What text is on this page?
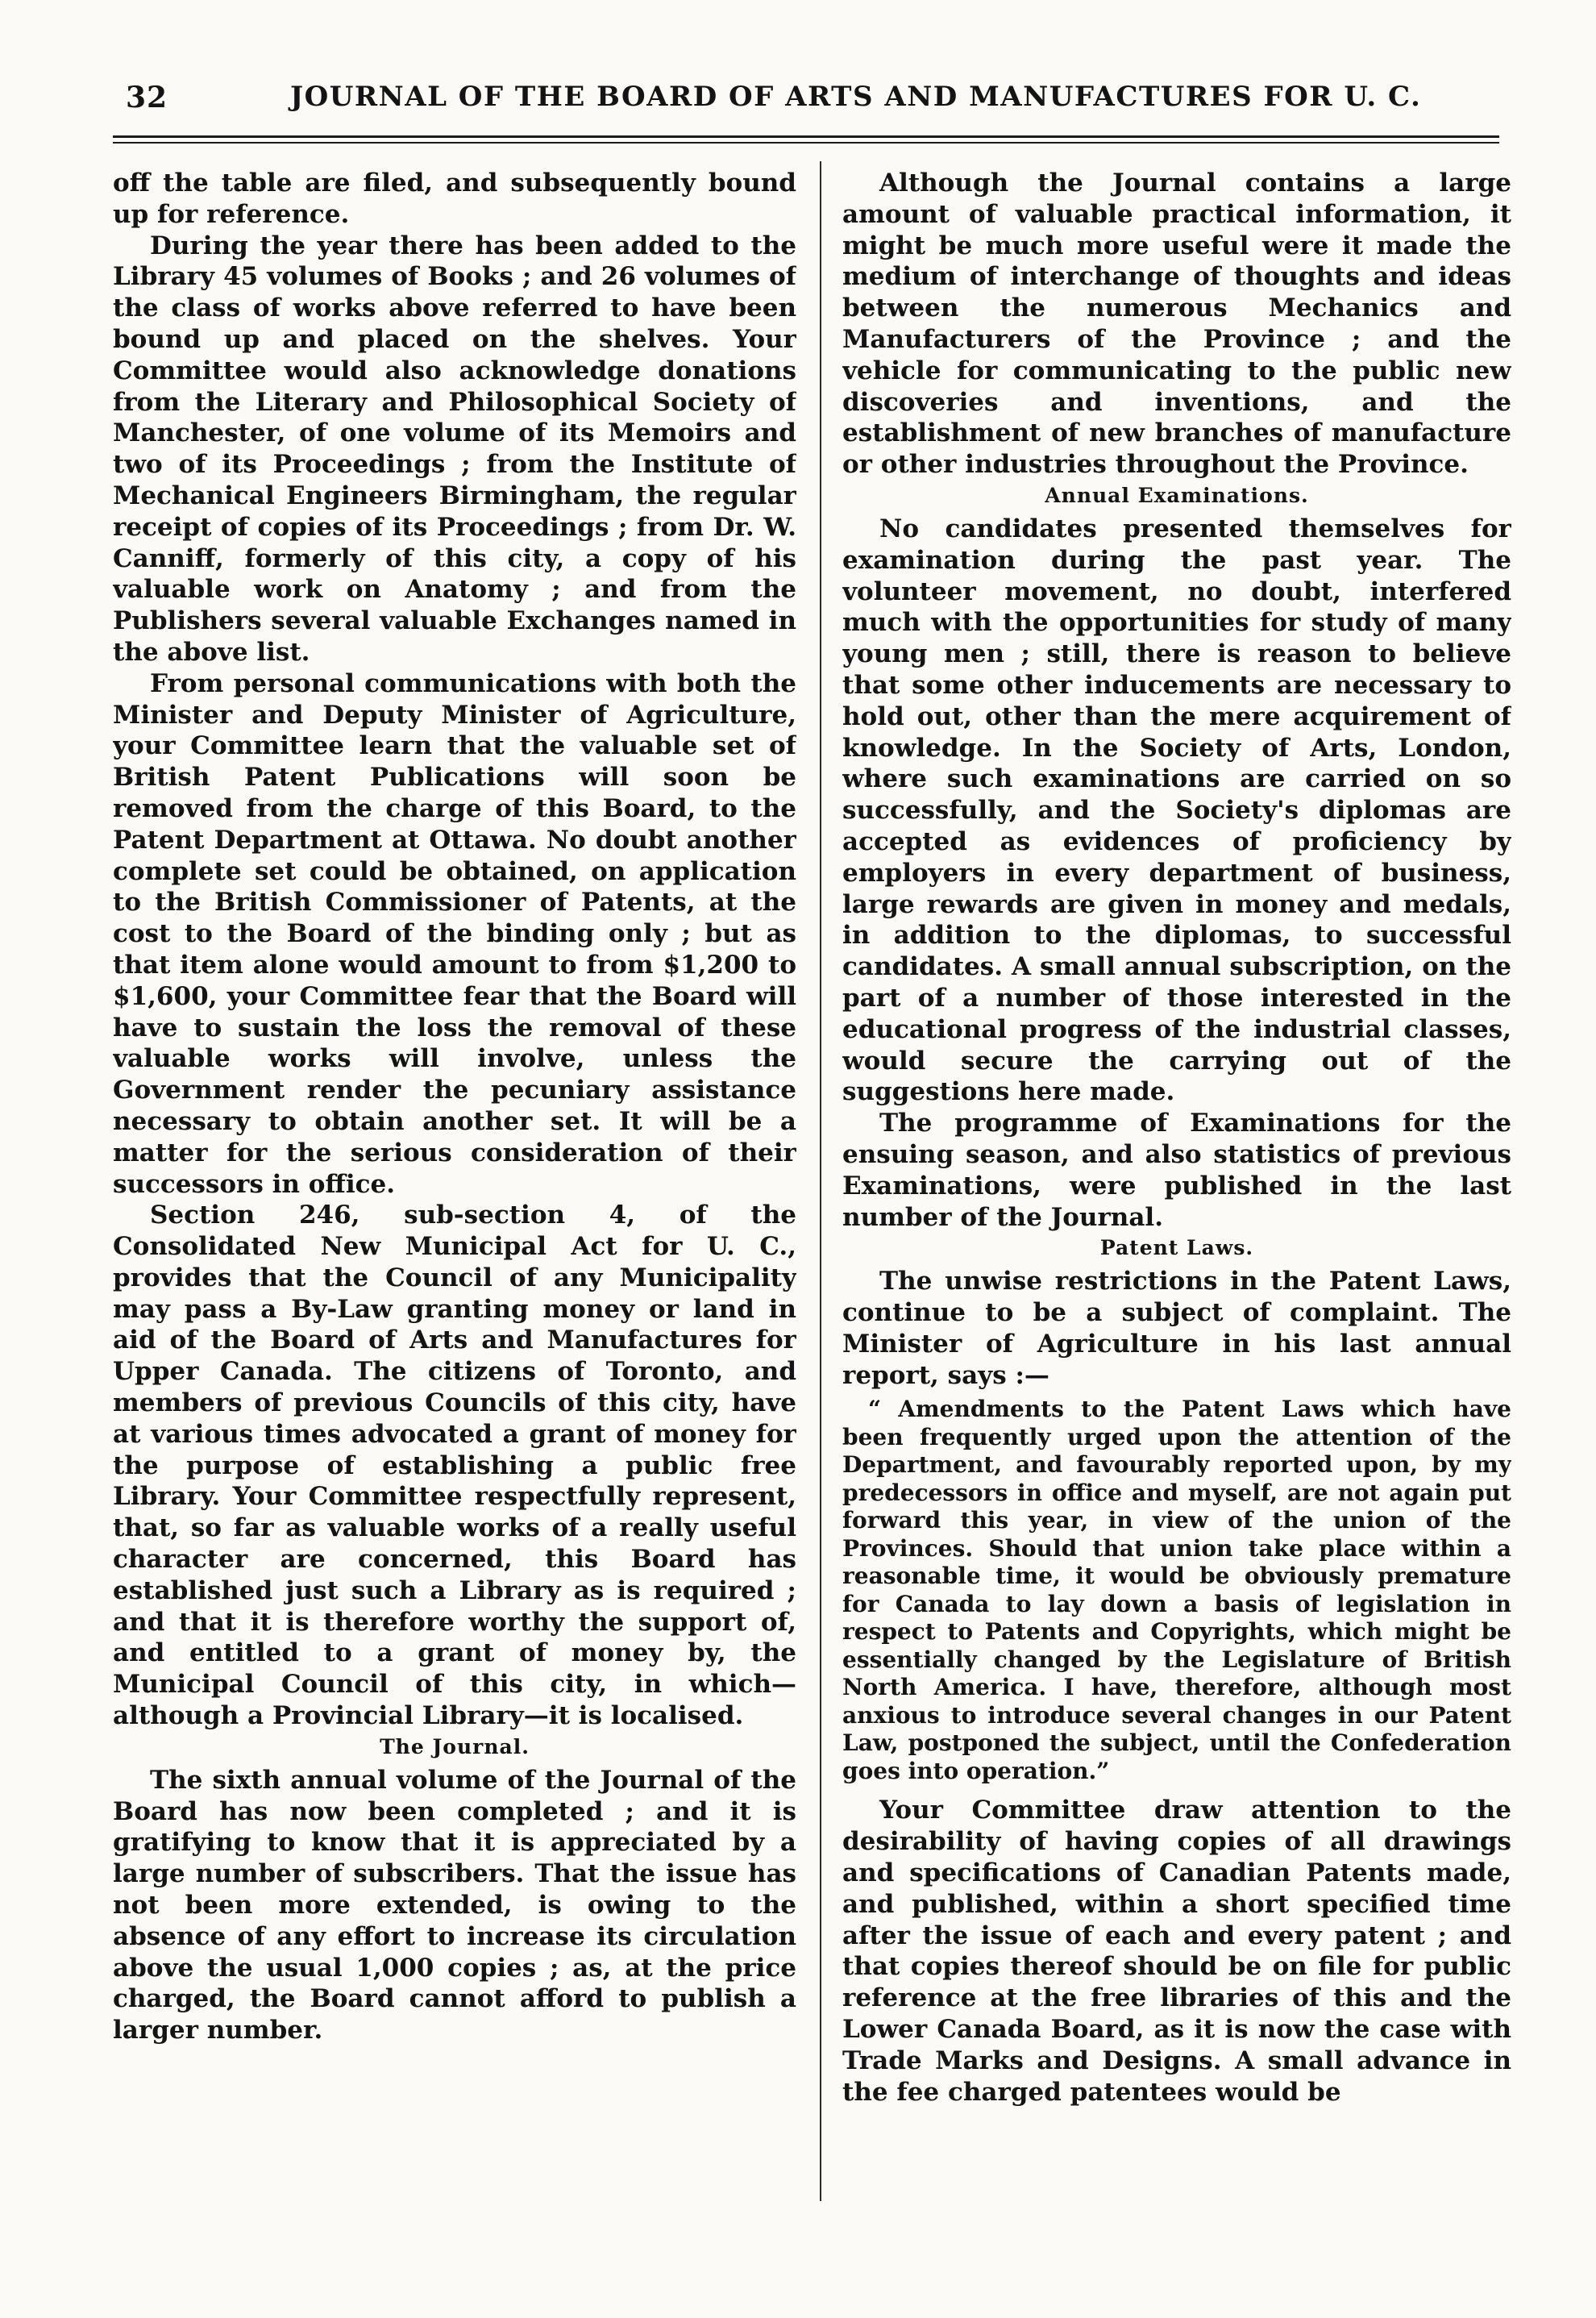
32	JOURNAL OF THE BOARD OF ARTS AND MANUFACTURES FOR U. C.

off the table are filed, and subsequently bound up for reference.

During the year there has been added to the Library 45 volumes of Books ; and 26 volumes of the class of works above referred to have been bound up and placed on the shelves. Your Committee would also acknowledge donations from the Literary and Philosophical Society of Manchester, of one volume of its Memoirs and two of its Proceedings ; from the Institute of Mechanical Engineers Birmingham, the regular receipt of copies of its Proceedings ; from Dr. W. Canniff, formerly of this city, a copy of his valuable work on Anatomy ; and from the Publishers several valuable Exchanges named in the above list.

From personal communications with both the Minister and Deputy Minister of Agriculture, your Committee learn that the valuable set of British Patent Publications will soon be removed from the charge of this Board, to the Patent Department at Ottawa. No doubt another complete set could be obtained, on application to the British Commissioner of Patents, at the cost to the Board of the binding only ; but as that item alone would amount to from $1,200 to $1,600, your Committee fear that the Board will have to sustain the loss the removal of these valuable works will involve, unless the Government render the pecuniary assistance necessary to obtain another set. It will be a matter for the serious consideration of their successors in office.

Section 246, sub-section 4, of the Consolidated New Municipal Act for U. C., provides that the Council of any Municipality may pass a By-Law granting money or land in aid of the Board of Arts and Manufactures for Upper Canada. The citizens of Toronto, and members of previous Councils of this city, have at various times advocated a grant of money for the purpose of establishing a public free Library. Your Committee respectfully represent, that, so far as valuable works of a really useful character are concerned, this Board has established just such a Library as is required ; and that it is therefore worthy the support of, and entitled to a grant of money by, the Municipal Council of this city, in which—although a Provincial Library—it is localised.

The Journal.

The sixth annual volume of the Journal of the Board has now been completed ; and it is gratifying to know that it is appreciated by a large number of subscribers. That the issue has not been more extended, is owing to the absence of any effort to increase its circulation above the usual 1,000 copies ; as, at the price charged, the Board cannot afford to publish a larger number.

Although the Journal contains a large amount of valuable practical information, it might be much more useful were it made the medium of interchange of thoughts and ideas between the numerous Mechanics and Manufacturers of the Province ; and the vehicle for communicating to the public new discoveries and inventions, and the establishment of new branches of manufacture or other industries throughout the Province.

Annual Examinations.

No candidates presented themselves for examination during the past year. The volunteer movement, no doubt, interfered much with the opportunities for study of many young men ; still, there is reason to believe that some other inducements are necessary to hold out, other than the mere acquirement of knowledge. In the Society of Arts, London, where such examinations are carried on so successfully, and the Society's diplomas are accepted as evidences of proficiency by employers in every department of business, large rewards are given in money and medals, in addition to the diplomas, to successful candidates. A small annual subscription, on the part of a number of those interested in the educational progress of the industrial classes, would secure the carrying out of the suggestions here made.

The programme of Examinations for the ensuing season, and also statistics of previous Examinations, were published in the last number of the Journal.

Patent Laws.

The unwise restrictions in the Patent Laws, continue to be a subject of complaint. The Minister of Agriculture in his last annual report, says :—

“ Amendments to the Patent Laws which have been frequently urged upon the attention of the Department, and favourably reported upon, by my predecessors in office and myself, are not again put forward this year, in view of the union of the Provinces. Should that union take place within a reasonable time, it would be obviously premature for Canada to lay down a basis of legislation in respect to Patents and Copyrights, which might be essentially changed by the Legislature of British North America. I have, therefore, although most anxious to introduce several changes in our Patent Law, postponed the subject, until the Confederation goes into operation.”

Your Committee draw attention to the desirability of having copies of all drawings and specifications of Canadian Patents made, and published, within a short specified time after the issue of each and every patent ; and that copies thereof should be on file for public reference at the free libraries of this and the Lower Canada Board, as it is now the case with Trade Marks and Designs. A small advance in the fee charged patentees would be
